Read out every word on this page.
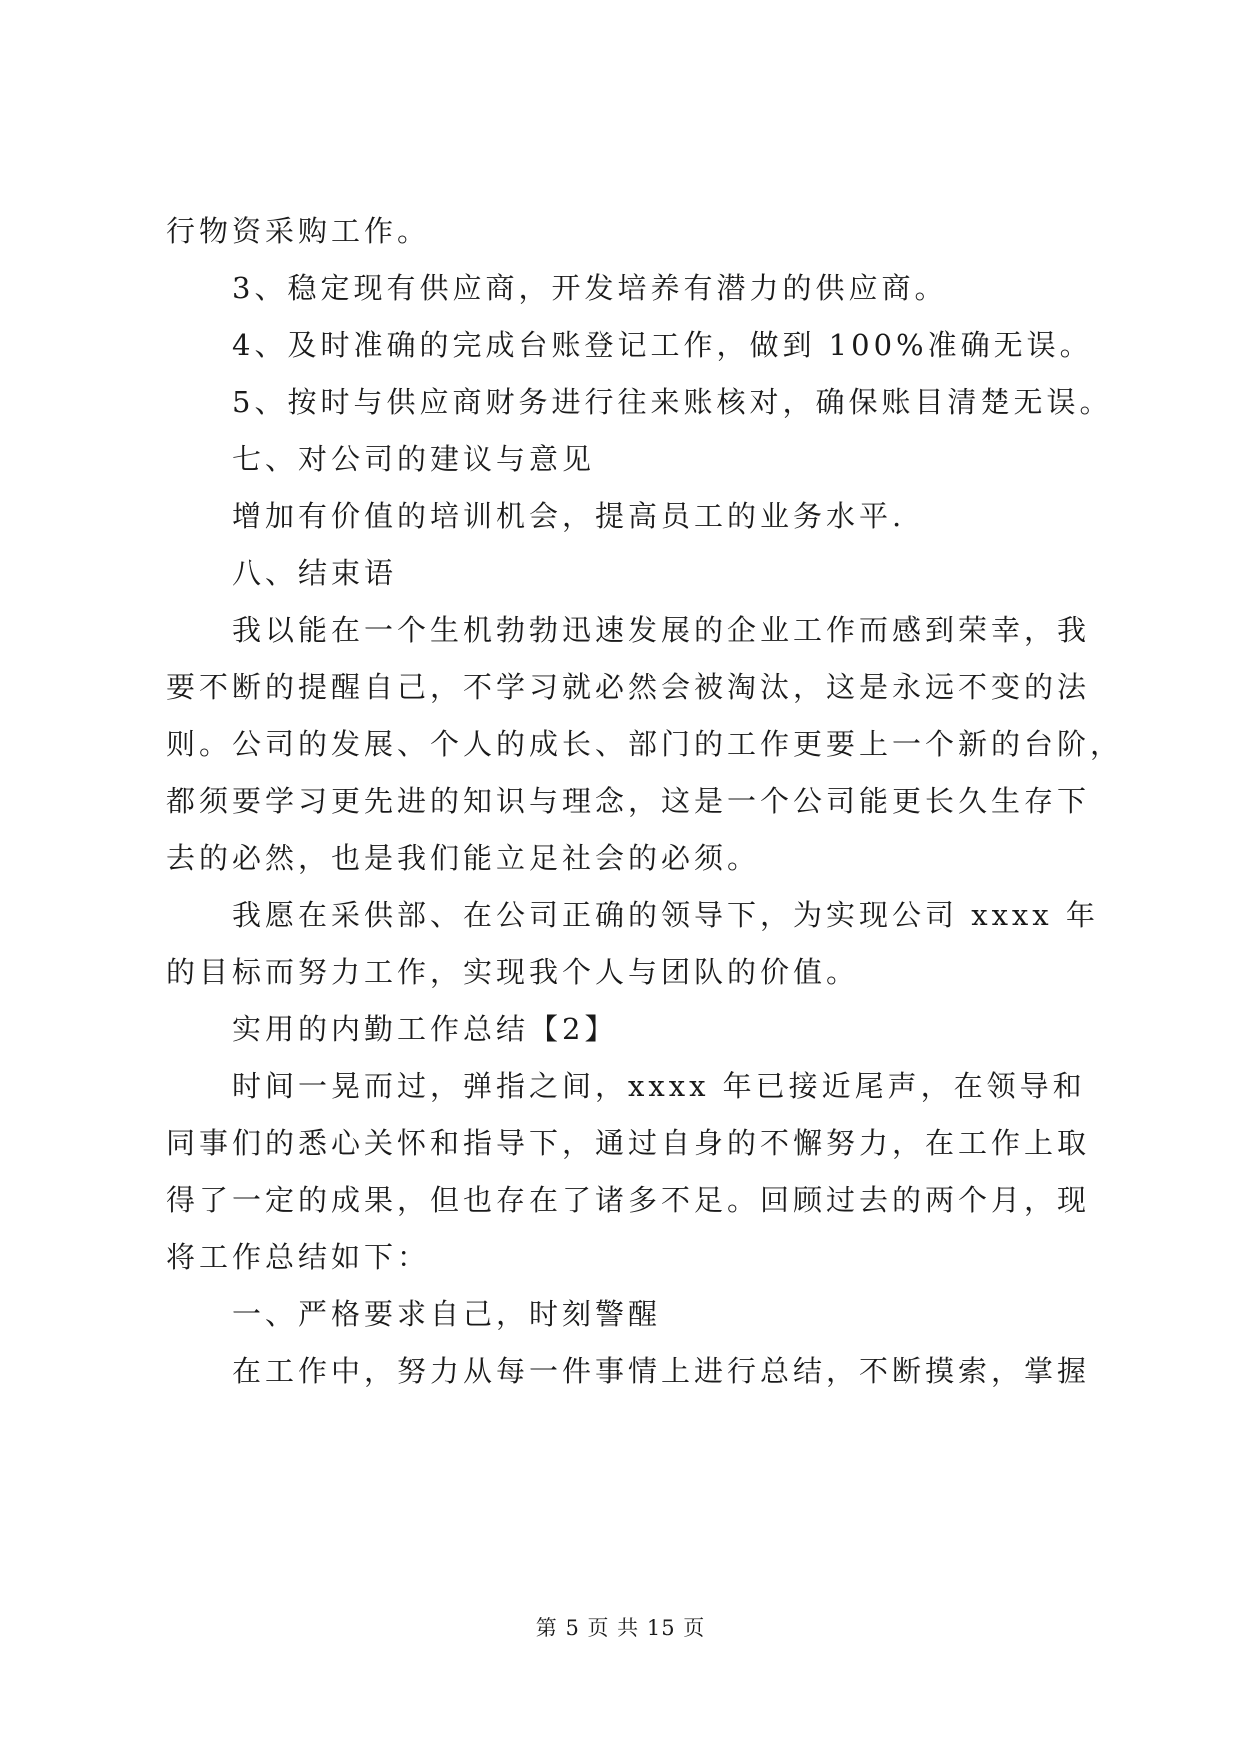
行物资采购工作。
3、稳定现有供应商，开发培养有潜力的供应商。
4、及时准确的完成台账登记工作，做到 100%准确无误。
5、按时与供应商财务进行往来账核对，确保账目清楚无误。
七、对公司的建议与意见
增加有价值的培训机会，提高员工的业务水平.
八、结束语
我以能在一个生机勃勃迅速发展的企业工作而感到荣幸，我
要不断的提醒自己，不学习就必然会被淘汰，这是永远不变的法
则。公司的发展、个人的成长、部门的工作更要上一个新的台阶，
都须要学习更先进的知识与理念，这是一个公司能更长久生存下
去的必然，也是我们能立足社会的必须。
我愿在采供部、在公司正确的领导下，为实现公司 xxxx 年
的目标而努力工作，实现我个人与团队的价值。
实用的内勤工作总结【2】
时间一晃而过，弹指之间，xxxx 年已接近尾声，在领导和
同事们的悉心关怀和指导下，通过自身的不懈努力，在工作上取
得了一定的成果，但也存在了诸多不足。回顾过去的两个月，现
将工作总结如下：
一、严格要求自己，时刻警醒
在工作中，努力从每一件事情上进行总结，不断摸索，掌握
第 5 页 共 15 页
